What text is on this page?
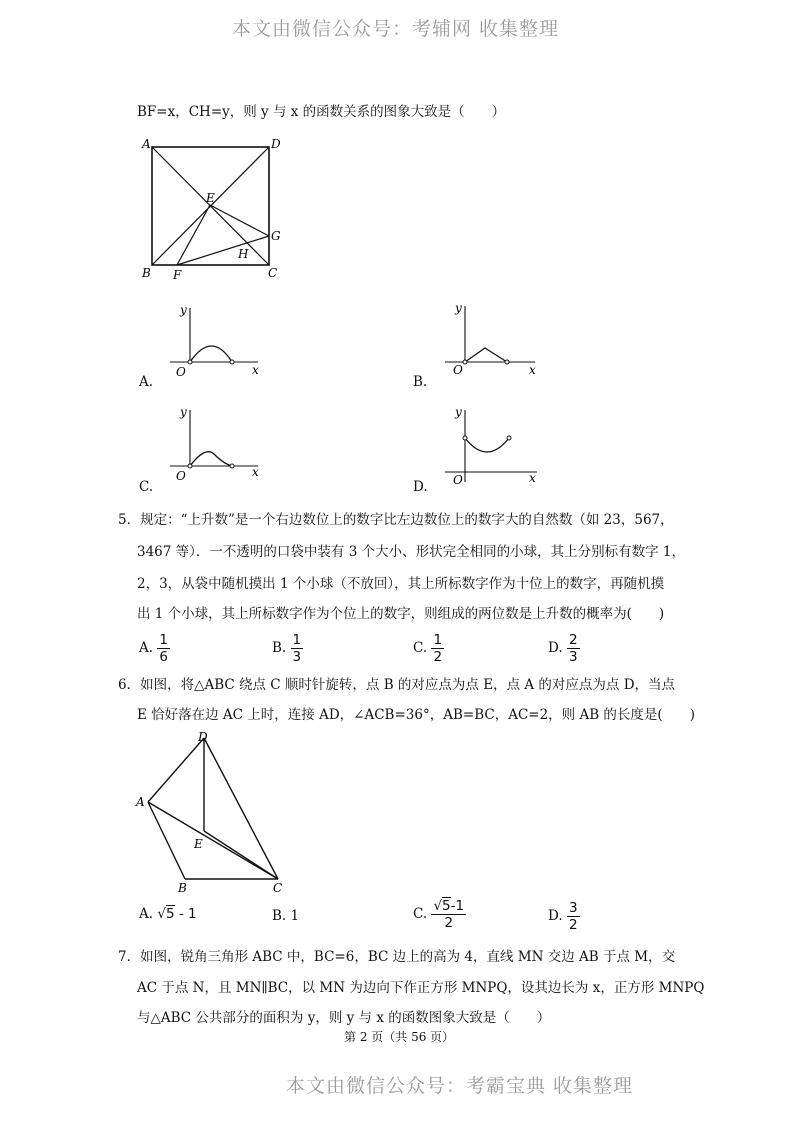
本文由微信公众号：考辅网 收集整理
本文由微信公众号：考霸宝典 收集整理
BF=x，CH=y，则 y 与 x 的函数关系的图象大致是（　　）
A	D
E
G
H
B F	C
A.
y
x
O
B.
y
x
O
C.
y
x
O
D.
y
x
O
5．规定：“上升数”是一个右边数位上的数字比左边数位上的数字大的自然数（如 23，567，
3467 等）．一不透明的口袋中装有 3 个大小、形状完全相同的小球，其上分别标有数字 1，
2，3，从袋中随机摸出 1 个小球（不放回），其上所标数字作为十位上的数字，再随机摸
出 1 个小球，其上所标数字作为个位上的数字，则组成的两位数是上升数的概率为(　　)
A. $\frac{1}{6}$	B. $\frac{1}{3}$	C. $\frac{1}{2}$	D. $\frac{2}{3}$
6．如图，将△ABC 绕点 C 顺时针旋转，点 B 的对应点为点 E，点 A 的对应点为点 D，当点
E 恰好落在边 AC 上时，连接 AD，∠ACB=36°，AB=BC，AC=2，则 AB 的长度是(　　)
D
A
E
B	C
A. √5 - 1	B. 1	C. $\frac{√5-1}{2}$	D. $\frac{3}{2}$
7．如图，锐角三角形 ABC 中，BC=6，BC 边上的高为 4，直线 MN 交边 AB 于点 M，交
AC 于点 N，且 MN∥BC，以 MN 为边向下作正方形 MNPQ，设其边长为 x，正方形 MNPQ
与△ABC 公共部分的面积为 y，则 y 与 x 的函数图象大致是（　　）
第 2 页（共 56 页）
